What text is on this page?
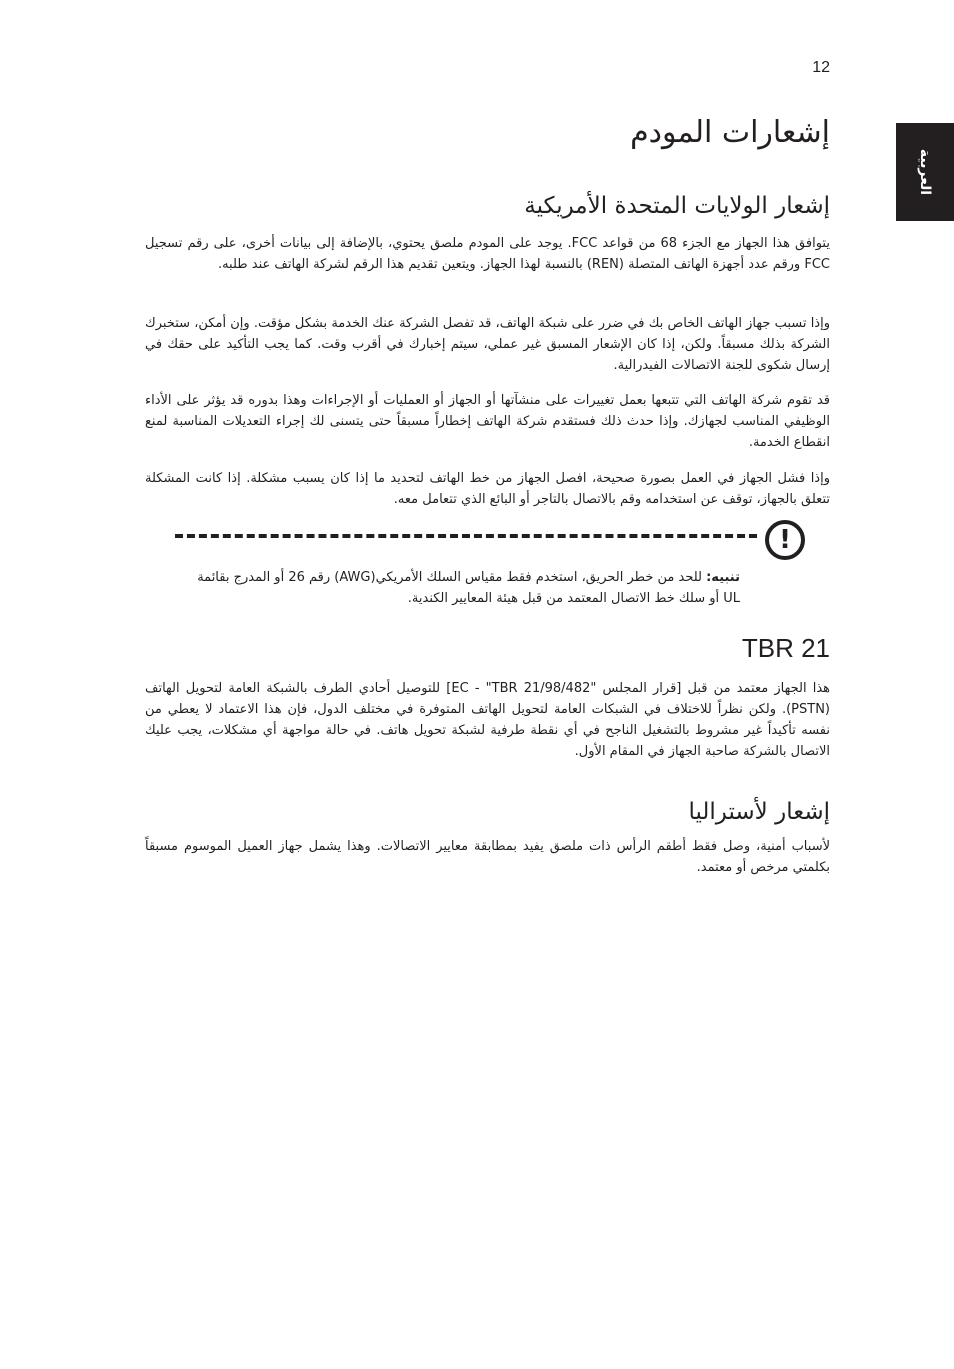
12
العربية
إشعارات المودم
إشعار الولايات المتحدة الأمريكية

يتوافق هذا الجهاز مع الجزء 68 من قواعد FCC. يوجد على المودم ملصق يحتوي، بالإضافة إلى بيانات أخرى، على رقم تسجيل FCC ورقم عدد أجهزة الهاتف المتصلة (REN) بالنسبة لهذا الجهاز. ويتعين تقديم هذا الرقم لشركة الهاتف عند طلبه.

وإذا تسبب جهاز الهاتف الخاص بك في ضرر على شبكة الهاتف، قد تفصل الشركة عنك الخدمة بشكل مؤقت. وإن أمكن، ستخبرك الشركة بذلك مسبقاً. ولكن، إذا كان الإشعار المسبق غير عملي، سيتم إخبارك في أقرب وقت. كما يجب التأكيد على حقك في إرسال شكوى للجنة الاتصالات الفيدرالية.

قد تقوم شركة الهاتف التي تتبعها بعمل تغييرات على منشآتها أو الجهاز أو العمليات أو الإجراءات وهذا بدوره قد يؤثر على الأداء الوظيفي المناسب لجهازك. وإذا حدث ذلك فستقدم شركة الهاتف إخطاراً مسبقاً حتى يتسنى لك إجراء التعديلات المناسبة لمنع انقطاع الخدمة.

وإذا فشل الجهاز في العمل بصورة صحيحة، افصل الجهاز من خط الهاتف لتحديد ما إذا كان يسبب مشكلة. إذا كانت المشكلة تتعلق بالجهاز، توقف عن استخدامه وقم بالاتصال بالتاجر أو البائع الذي تتعامل معه.

TBR 21

هذا الجهاز معتمد من قبل [قرار المجلس "EC - "TBR 21/98/482] للتوصيل أحادي الطرف بالشبكة العامة لتحويل الهاتف (PSTN). ولكن نظراً للاختلاف في الشبكات العامة لتحويل الهاتف المتوفرة في مختلف الدول، فإن هذا الاعتماد لا يعطي من نفسه تأكيداً غير مشروط بالتشغيل الناجح في أي نقطة طرفية لشبكة تحويل هاتف. في حالة مواجهة أي مشكلات، يجب عليك الاتصال بالشركة صاحبة الجهاز في المقام الأول.

إشعار لأستراليا

لأسباب أمنية، وصل فقط أطقم الرأس ذات ملصق يفيد بمطابقة معايير الاتصالات. وهذا يشمل جهاز العميل الموسوم مسبقاً بكلمتي مرخص أو معتمد.

!
تنبيه: للحد من خطر الحريق، استخدم فقط مقياس السلك الأمريكي(AWG) رقم 26 أو المدرج بقائمة UL أو سلك خط الاتصال المعتمد من قبل هيئة المعايير الكندية.
